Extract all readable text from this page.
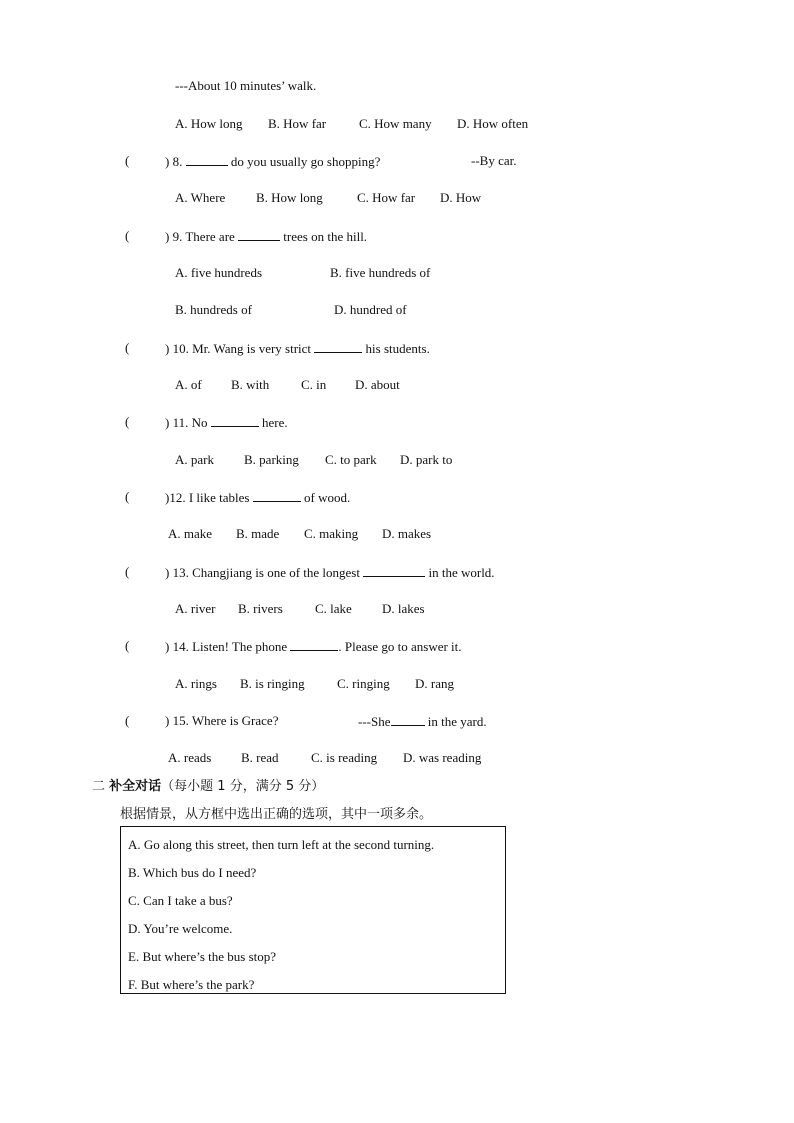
---About 10 minutes’ walk.
A. How long B. How far	C. How many D. How often
(	) 8.	do you usually go shopping?	--By car.
A. Where B. How long	C. How far D. How
(	) 9. There are	trees on the hill.
A. five hundreds	B. five hundreds of
B. hundreds of	D. hundred of
(	) 10. Mr. Wang is very strict	his students.
A. of B. with C. in D. about
(	) 11. No	here.
A. park B. parking C. to park D. park to
(	)12. I like tables	of wood.
A. make B. made C. making D. makes
(	) 13. Changjiang is one of the longest	in the world.
A. river B. rivers C. lake D. lakes
(	) 14. Listen! The phone	. Please go to answer it.
A. rings B. is ringing C. ringing D. rang
(	) 15. Where is Grace?	---She	in the yard.
A. reads B. read C. is reading D. was reading
二 补全对话（每小题 1 分，满分 5 分）
根据情景，从方框中选出正确的选项，其中一项多余。
A. Go along this street, then turn left at the second turning.
B. Which bus do I need?
C. Can I take a bus?
D. You’re welcome.
E. But where’s the bus stop?
F. But where’s the park?
